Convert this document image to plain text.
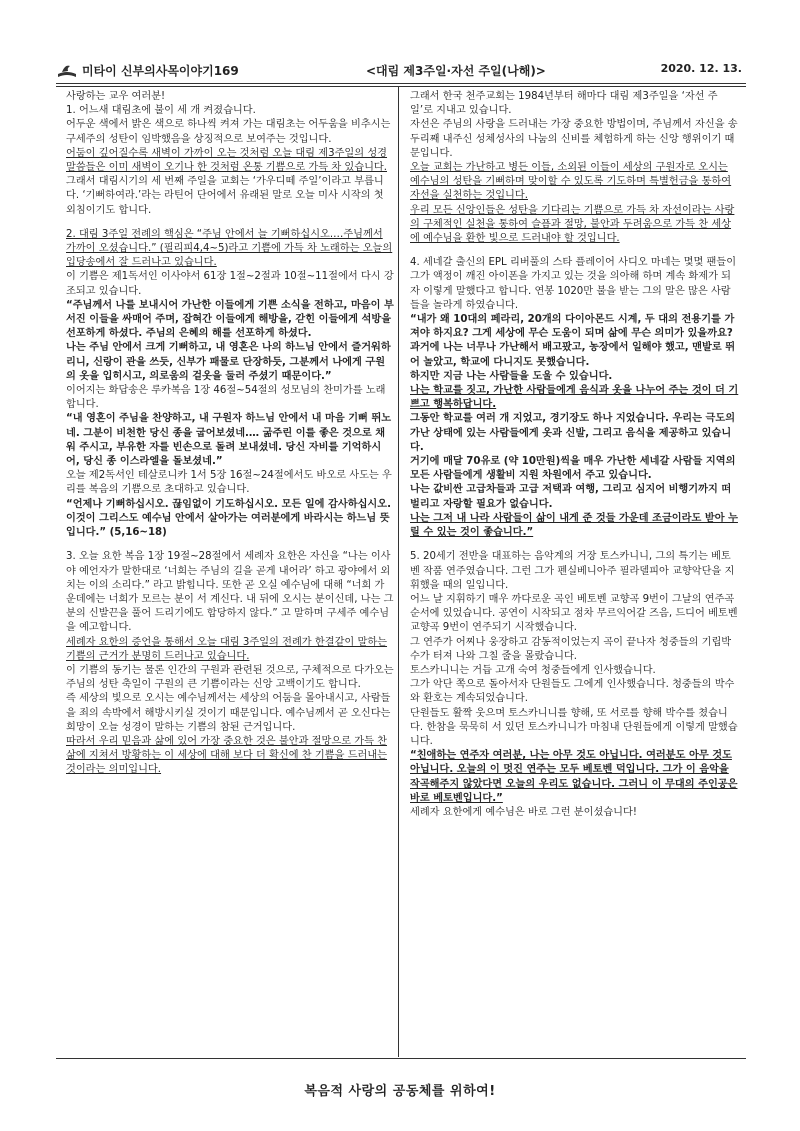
미타이 신부의사목이야기169	<대림 제3주일·자선 주일(나해)>	2020. 12. 13.

사랑하는 교우 여러분!

1. 어느새 대림초에 불이 세 개 켜졌습니다.

어두운 색에서 밝은 색으로 하나씩 켜져 가는 대림초는 어두움을 비추시는 구세주의 성탄이 임박했음을 상징적으로 보여주는 것입니다.

어둠이 깊어질수록 새벽이 가까이 오는 것처럼 오늘 대림 제3주일의 성경 말씀들은 이미 새벽이 오기나 한 것처럼 온통 기쁨으로 가득 차 있습니다.

그래서 대림시기의 세 번째 주일을 교회는 ‘가우디떼 주일’이라고 부릅니다. ‘기뻐하여라.’라는 라틴어 단어에서 유래된 말로 오늘 미사 시작의 첫 외침이기도 합니다.

2. 대림 3주일 전례의 핵심은 “주님 안에서 늘 기뻐하십시오.…주님께서 가까이 오셨습니다.” (필리피4,4~5)라고 기쁨에 가득 차 노래하는 오늘의 입당송에서 잘 드러나고 있습니다.

이 기쁨은 제1독서인 이사야서 61장 1절~2절과 10절~11절에서 다시 강조되고 있습니다.

“주님께서 나를 보내시어 가난한 이들에게 기쁜 소식을 전하고, 마음이 부서진 이들을 싸매어 주며, 잡혀간 이들에게 해방을, 갇힌 이들에게 석방을 선포하게 하셨다. 주님의 은혜의 해를 선포하게 하셨다.

나는 주님 안에서 크게 기뻐하고, 내 영혼은 나의 하느님 안에서 즐거워하리니, 신랑이 관을 쓰듯, 신부가 패물로 단장하듯, 그분께서 나에게 구원의 옷을 입히시고, 의로움의 겉옷을 둘러 주셨기 때문이다.”

이어지는 화답송은 루카복음 1장 46절~54절의 성모님의 찬미가를 노래합니다.

“내 영혼이 주님을 찬양하고, 내 구원자 하느님 안에서 내 마음 기뻐 뛰노네. 그분이 비천한 당신 종을 굽어보셨네.… 굶주린 이를 좋은 것으로 채워 주시고, 부유한 자를 빈손으로 돌려 보내셨네. 당신 자비를 기억하시어, 당신 종 이스라엘을 돌보셨네.”

오늘 제2독서인 테살로니카 1서 5장 16절~24절에서도 바오로 사도는 우리를 복음의 기쁨으로 초대하고 있습니다.

“언제나 기뻐하십시오. 끊임없이 기도하십시오. 모든 일에 감사하십시오. 이것이 그리스도 예수님 안에서 살아가는 여러분에게 바라시는 하느님 뜻입니다.” (5,16~18)

3. 오늘 요한 복음 1장 19절~28절에서 세례자 요한은 자신을 “나는 이사야 예언자가 말한대로 ‘너희는 주님의 길을 곧게 내어라’ 하고 광야에서 외치는 이의 소리다.” 라고 밝힙니다. 또한 곧 오실 예수님에 대해 “너희 가운데에는 너희가 모르는 분이 서 계신다. 내 뒤에 오시는 분이신데, 나는 그분의 신발끈을 풀어 드리기에도 합당하지 않다.” 고 말하며 구세주 예수님을 예고합니다.

세례자 요한의 증언을 통해서 오늘 대림 3주일의 전례가 한결같이 말하는 기쁨의 근거가 분명히 드러나고 있습니다.

이 기쁨의 동기는 물론 인간의 구원과 관련된 것으로, 구체적으로 다가오는 주님의 성탄 축일이 구원의 큰 기쁨이라는 신앙 고백이기도 합니다.

즉 세상의 빛으로 오시는 예수님께서는 세상의 어둠을 몰아내시고, 사람들을 죄의 속박에서 해방시키실 것이기 때문입니다. 예수님께서 곧 오신다는 희망이 오늘 성경이 말하는 기쁨의 참된 근거입니다.

따라서 우리 믿음과 삶에 있어 가장 중요한 것은 불안과 절망으로 가득 찬 삶에 지쳐서 방황하는 이 세상에 대해 보다 더 확신에 찬 기쁨을 드러내는 것이라는 의미입니다.

그래서 한국 천주교회는 1984년부터 해마다 대림 제3주일을 ‘자선 주일’로 지내고 있습니다.

자선은 주님의 사랑을 드러내는 가장 중요한 방법이며, 주님께서 자신을 송두리째 내주신 성체성사의 나눔의 신비를 체험하게 하는 신앙 행위이기 때문입니다.

오늘 교회는 가난하고 병든 이들, 소외된 이들이 세상의 구원자로 오시는 예수님의 성탄을 기뻐하며 맞이할 수 있도록 기도하며 특별헌금을 통하여 자선을 실천하는 것입니다.

우리 모든 신앙인들은 성탄을 기다리는 기쁨으로 가득 차 자선이라는 사랑의 구체적인 실천을 통하여 슬픔과 절망, 불안과 두려움으로 가득 찬 세상에 예수님을 환한 빛으로 드러내야 할 것입니다.

4. 세네갈 출신의 EPL 리버풀의 스타 플레이어 사디오 마네는 몇몇 팬들이 그가 액정이 깨진 아이폰을 가지고 있는 것을 의아해 하며 계속 화제가 되자 이렇게 말했다고 합니다. 연봉 1020만 불을 받는 그의 말은 많은 사람들을 놀라게 하였습니다.

“내가 왜 10대의 페라리, 20개의 다이아몬드 시계, 두 대의 전용기를 가져야 하지요? 그게 세상에 무슨 도움이 되며 삶에 무슨 의미가 있을까요?

과거에 나는 너무나 가난해서 배고팠고, 농장에서 일해야 했고, 맨발로 뛰어 놀았고, 학교에 다니지도 못했습니다.

하지만 지금 나는 사람들을 도울 수 있습니다.

나는 학교를 짓고, 가난한 사람들에게 음식과 옷을 나누어 주는 것이 더 기쁘고 행복하답니다.

그동안 학교를 여러 개 지었고, 경기장도 하나 지었습니다. 우리는 극도의 가난 상태에 있는 사람들에게 옷과 신발, 그리고 음식을 제공하고 있습니다.

거기에 매달 70유로 (약 10만원)씩을 매우 가난한 세네갈 사람들 지역의 모든 사람들에게 생활비 지원 차원에서 주고 있습니다.

나는 값비싼 고급차들과 고급 저택과 여행, 그리고 심지어 비행기까지 떠벌리고 자랑할 필요가 없습니다.

나는 그저 내 나라 사람들이 삶이 내게 준 것들 가운데 조금이라도 받아 누릴 수 있는 것이 좋습니다.”

5. 20세기 전반을 대표하는 음악계의 거장 토스카니니, 그의 특기는 베토벤 작품 연주였습니다. 그런 그가 펜실베니아주 필라델피아 교향악단을 지휘했을 때의 일입니다.

어느 날 지휘하기 매우 까다로운 곡인 베토벤 교향곡 9번이 그날의 연주곡 순서에 있었습니다. 공연이 시작되고 점차 무르익어갈 즈음, 드디어 베토벤 교향곡 9번이 연주되기 시작했습니다.

그 연주가 어찌나 웅장하고 감동적이었는지 곡이 끝나자 청중들의 기립박수가 터져 나와 그칠 줄을 몰랐습니다.

토스카니니는 거듭 고개 숙여 청중들에게 인사했습니다.

그가 악단 쪽으로 돌아서자 단원들도 그에게 인사했습니다. 청중들의 박수와 환호는 계속되었습니다.

단원들도 활짝 웃으며 토스카니니를 향해, 또 서로를 향해 박수를 쳤습니다. 한참을 묵묵히 서 있던 토스카니니가 마침내 단원들에게 이렇게 말했습니다.

“친애하는 연주자 여러분, 나는 아무 것도 아닙니다. 여러분도 아무 것도 아닙니다. 오늘의 이 멋진 연주는 모두 베토벤 덕입니다. 그가 이 음악을 작곡해주지 않았다면 오늘의 우리도 없습니다. 그러니 이 무대의 주인공은 바로 베토벤입니다.”

세례자 요한에게 예수님은 바로 그런 분이셨습니다!

복음적 사랑의 공동체를 위하여!
